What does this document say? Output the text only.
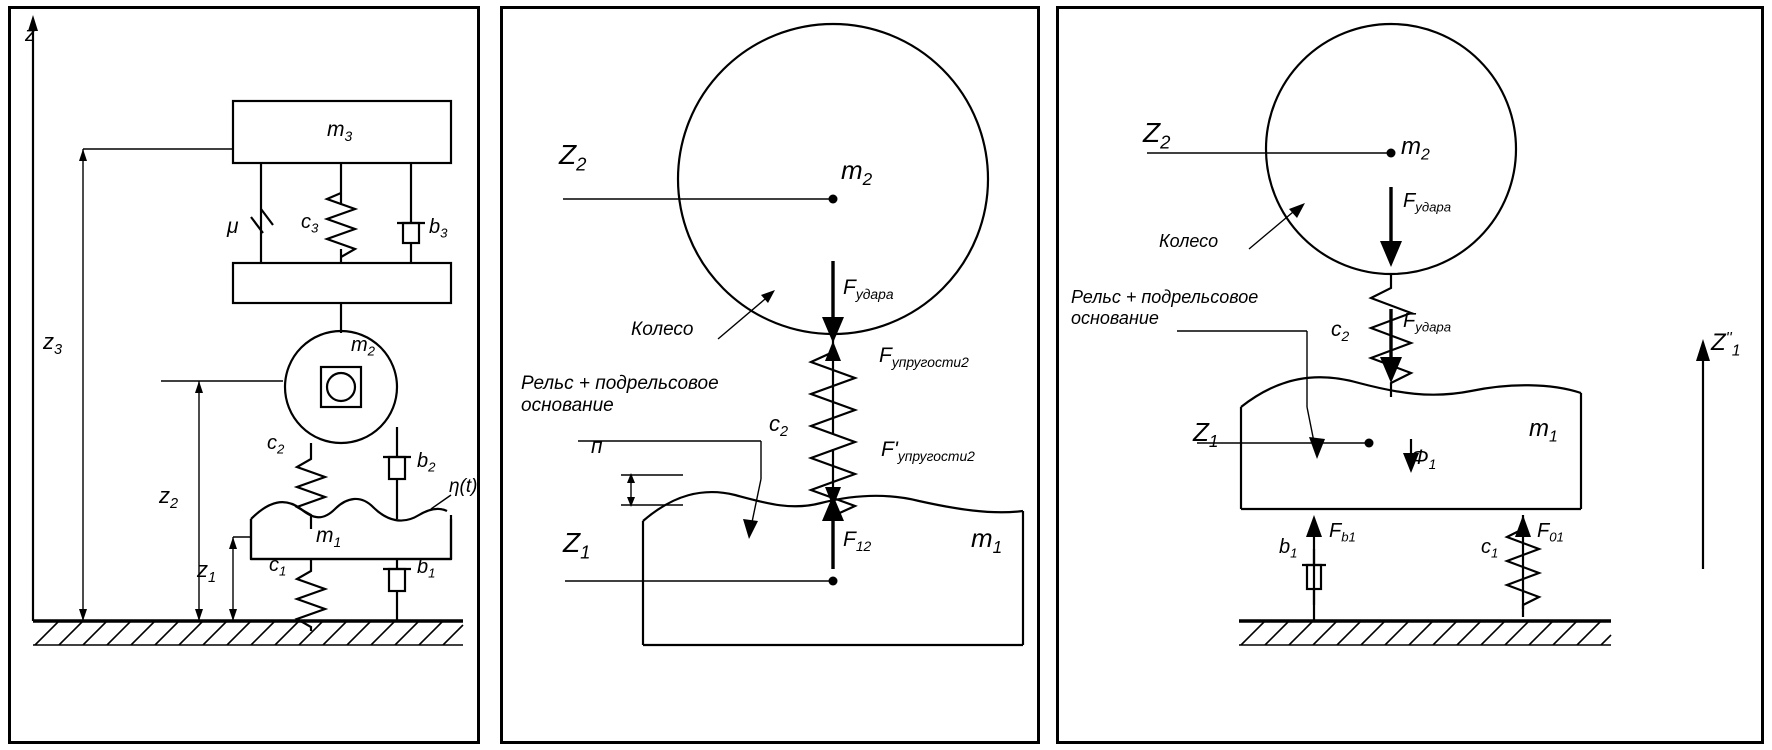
z
$m_3$
μ	$c_3$	$b_3$
$m_2$
$c_2$
$b_2$
$m_1$
η(t)
$c_1$	$b_1$
$z_3$
$z_2$
$z_1$
$Z_2$	$m_2$
Колесо
Рельс + подрельсовое
основание
$F_{удара}$
$F_{упругости2}$
$F'_{упругости2}$
$c_2$
$F_{12}$
п
$Z_1$	$m_1$
$Z_2$	$m_2$
Колесо
Рельс + подрельсовое
основание
$F_{удара}$
$F_{удара}$
$c_2$
$Z_1$	$m_1$
$\Phi_1$
$b_1$
$F_{b1}$	$c_1$
$F_{01}$
$Z''_1$
